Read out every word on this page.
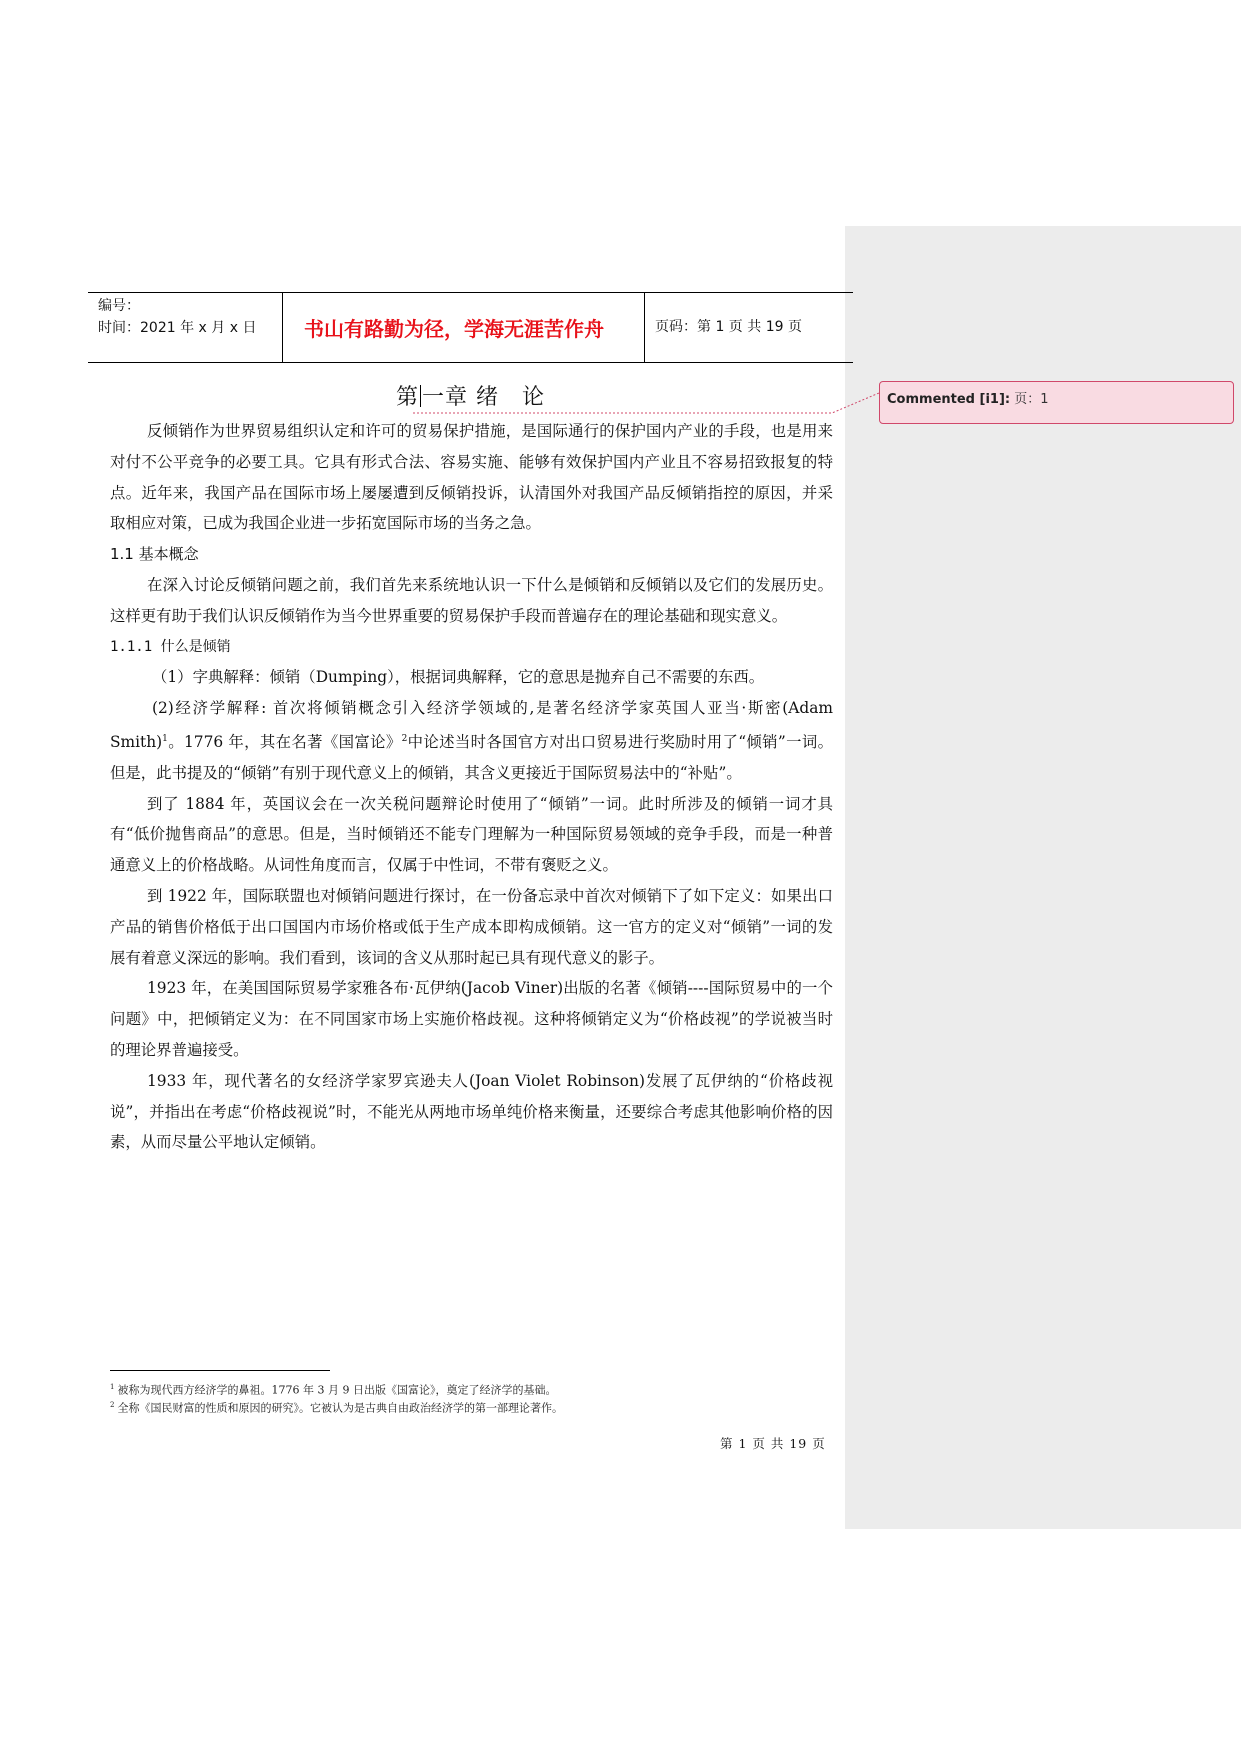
Commented [i1]: 页：1
编号：
时间：2021 年 x 月 x 日	书山有路勤为径，学海无涯苦作舟	页码：第 1 页 共 19 页
第 一章 绪　论

反倾销作为世界贸易组织认定和许可的贸易保护措施，是国际通行的保护国内产业的手段，也是用来对付不公平竞争的必要工具。它具有形式合法、容易实施、能够有效保护国内产业且不容易招致报复的特点。近年来，我国产品在国际市场上屡屡遭到反倾销投诉，认清国外对我国产品反倾销指控的原因，并采取相应对策，已成为我国企业进一步拓宽国际市场的当务之急。

1.1 基本概念

在深入讨论反倾销问题之前，我们首先来系统地认识一下什么是倾销和反倾销以及它们的发展历史。这样更有助于我们认识反倾销作为当今世界重要的贸易保护手段而普遍存在的理论基础和现实意义。

1.1.1 什么是倾销

（1）字典解释：倾销（Dumping），根据词典解释，它的意思是抛弃自己不需要的东西。

(2)经济学解释: 首次将倾销概念引入经济学领域的,是著名经济学家英国人亚当·斯密(Adam Smith)$^1$。1776 年，其在名著《国富论》$^2$中论述当时各国官方对出口贸易进行奖励时用了“倾销”一词。但是，此书提及的“倾销”有别于现代意义上的倾销，其含义更接近于国际贸易法中的“补贴”。

到了 1884 年，英国议会在一次关税问题辩论时使用了“倾销”一词。此时所涉及的倾销一词才具有“低价抛售商品”的意思。但是，当时倾销还不能专门理解为一种国际贸易领域的竞争手段，而是一种普通意义上的价格战略。从词性角度而言，仅属于中性词，不带有褒贬之义。

到 1922 年，国际联盟也对倾销问题进行探讨，在一份备忘录中首次对倾销下了如下定义：如果出口产品的销售价格低于出口国国内市场价格或低于生产成本即构成倾销。这一官方的定义对“倾销”一词的发展有着意义深远的影响。我们看到，该词的含义从那时起已具有现代意义的影子。

1923 年，在美国国际贸易学家雅各布·瓦伊纳(Jacob Viner)出版的名著《倾销----国际贸易中的一个问题》中，把倾销定义为：在不同国家市场上实施价格歧视。这种将倾销定义为“价格歧视”的学说被当时的理论界普遍接受。

1933 年，现代著名的女经济学家罗宾逊夫人(Joan Violet Robinson)发展了瓦伊纳的“价格歧视说”，并指出在考虑“价格歧视说”时，不能光从两地市场单纯价格来衡量，还要综合考虑其他影响价格的因素，从而尽量公平地认定倾销。

$^1$ 被称为现代西方经济学的鼻祖。1776 年 3 月 9 日出版《国富论》，奠定了经济学的基础。
$^2$ 全称《国民财富的性质和原因的研究》。它被认为是古典自由政治经济学的第一部理论著作。
第 1 页 共 19 页
